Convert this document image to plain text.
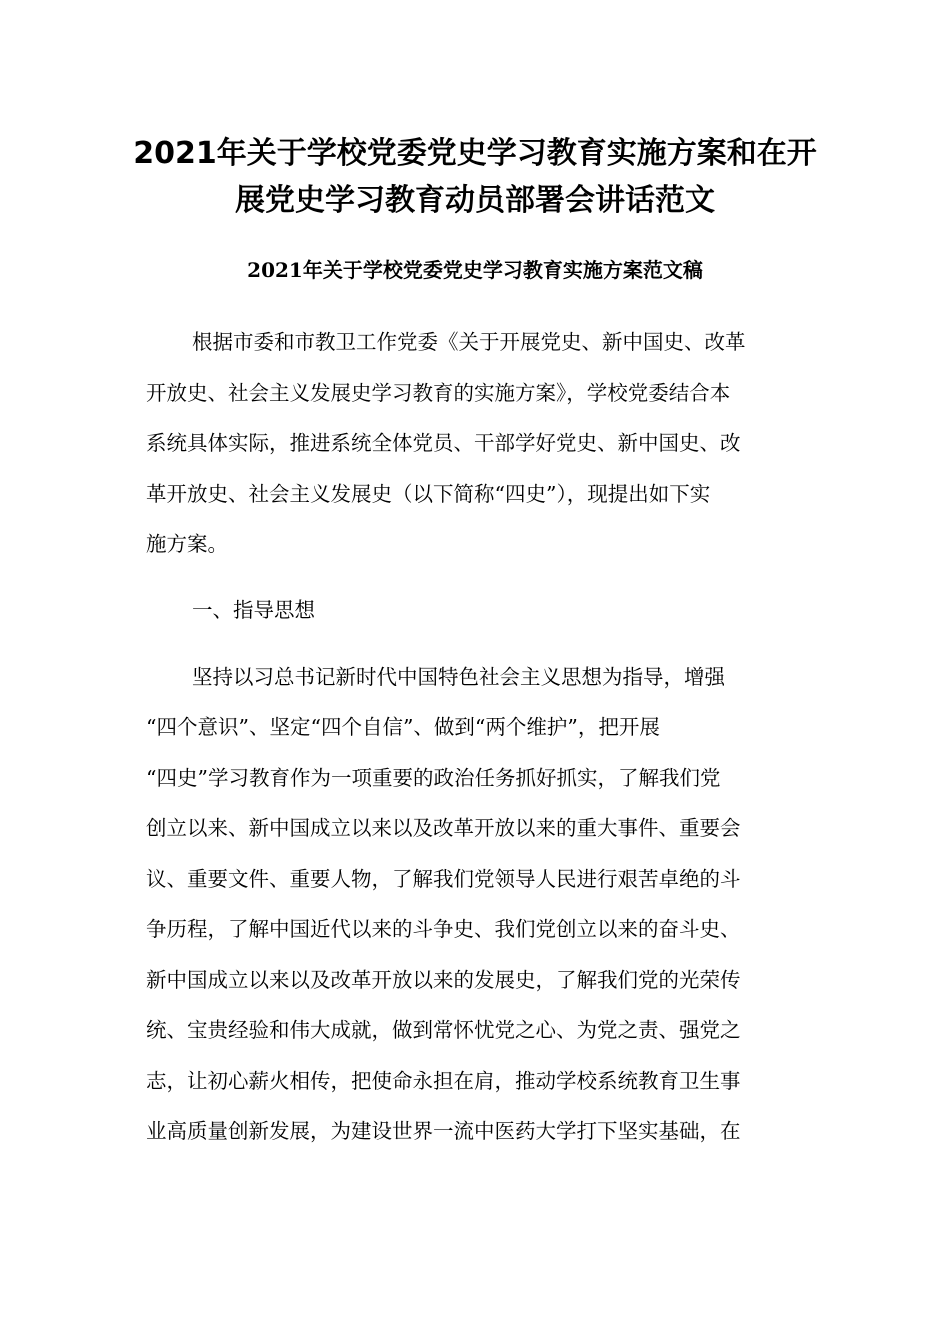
2021年关于学校党委党史学习教育实施方案和在开
展党史学习教育动员部署会讲话范文
2021年关于学校党委党史学习教育实施方案范文稿

根据市委和市教卫工作党委《关于开展党史、新中国史、改革

开放史、社会主义发展史学习教育的实施方案》，学校党委结合本

系统具体实际，推进系统全体党员、干部学好党史、新中国史、改

革开放史、社会主义发展史（以下简称“四史”），现提出如下实

施方案。

一、指导思想

坚持以习总书记新时代中国特色社会主义思想为指导，增强

“四个意识”、坚定“四个自信”、做到“两个维护”，把开展

“四史”学习教育作为一项重要的政治任务抓好抓实，了解我们党

创立以来、新中国成立以来以及改革开放以来的重大事件、重要会

议、重要文件、重要人物，了解我们党领导人民进行艰苦卓绝的斗

争历程，了解中国近代以来的斗争史、我们党创立以来的奋斗史、

新中国成立以来以及改革开放以来的发展史，了解我们党的光荣传

统、宝贵经验和伟大成就，做到常怀忧党之心、为党之责、强党之

志，让初心薪火相传，把使命永担在肩，推动学校系统教育卫生事

业高质量创新发展，为建设世界一流中医药大学打下坚实基础，在
